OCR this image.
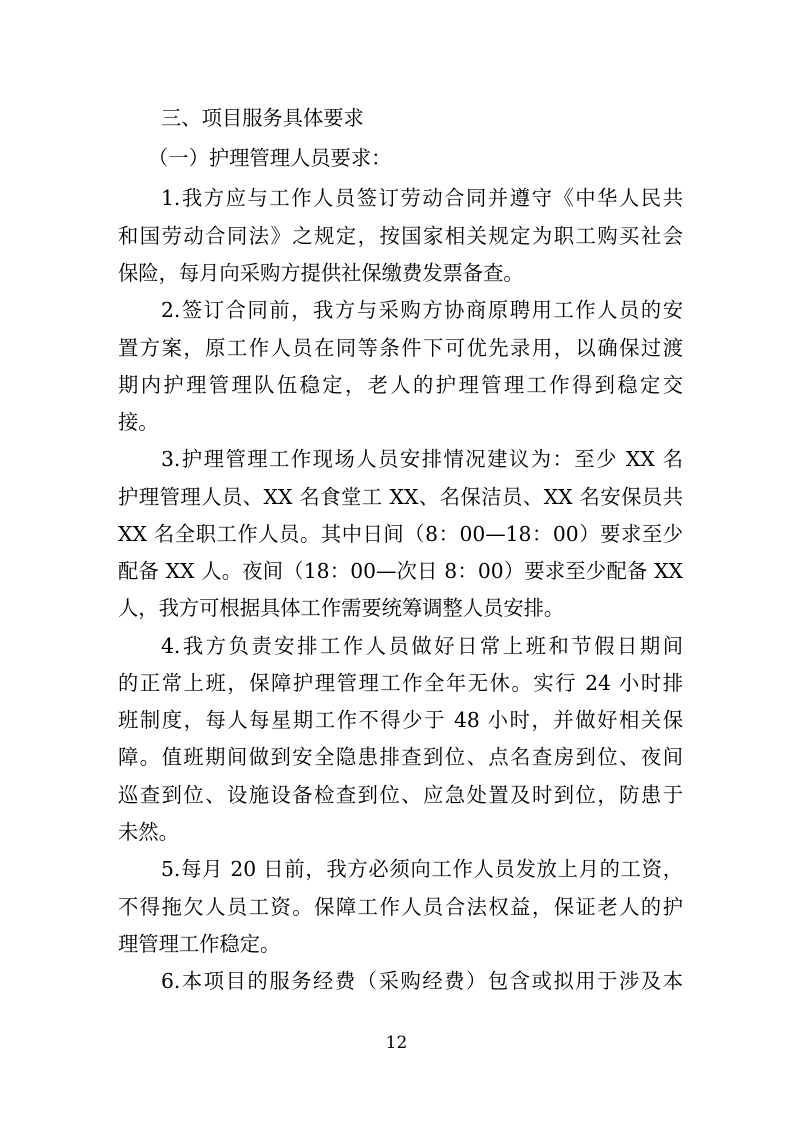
三、项目服务具体要求
（一）护理管理人员要求：
1.我方应与工作人员签订劳动合同并遵守《中华人民共
和国劳动合同法》之规定，按国家相关规定为职工购买社会
保险，每月向采购方提供社保缴费发票备查。
2.签订合同前，我方与采购方协商原聘用工作人员的安
置方案，原工作人员在同等条件下可优先录用，以确保过渡
期内护理管理队伍稳定，老人的护理管理工作得到稳定交
接。
3.护理管理工作现场人员安排情况建议为：至少 XX 名
护理管理人员、XX 名食堂工 XX、名保洁员、XX 名安保员共
XX 名全职工作人员。其中日间（8：00—18：00）要求至少
配备 XX 人。夜间（18：00—次日 8：00）要求至少配备 XX
人，我方可根据具体工作需要统筹调整人员安排。
4.我方负责安排工作人员做好日常上班和节假日期间
的正常上班，保障护理管理工作全年无休。实行 24 小时排
班制度，每人每星期工作不得少于 48 小时，并做好相关保
障。值班期间做到安全隐患排查到位、点名查房到位、夜间
巡查到位、设施设备检查到位、应急处置及时到位，防患于
未然。
5.每月 20 日前，我方必须向工作人员发放上月的工资，
不得拖欠人员工资。保障工作人员合法权益，保证老人的护
理管理工作稳定。
6.本项目的服务经费（采购经费）包含或拟用于涉及本
12
